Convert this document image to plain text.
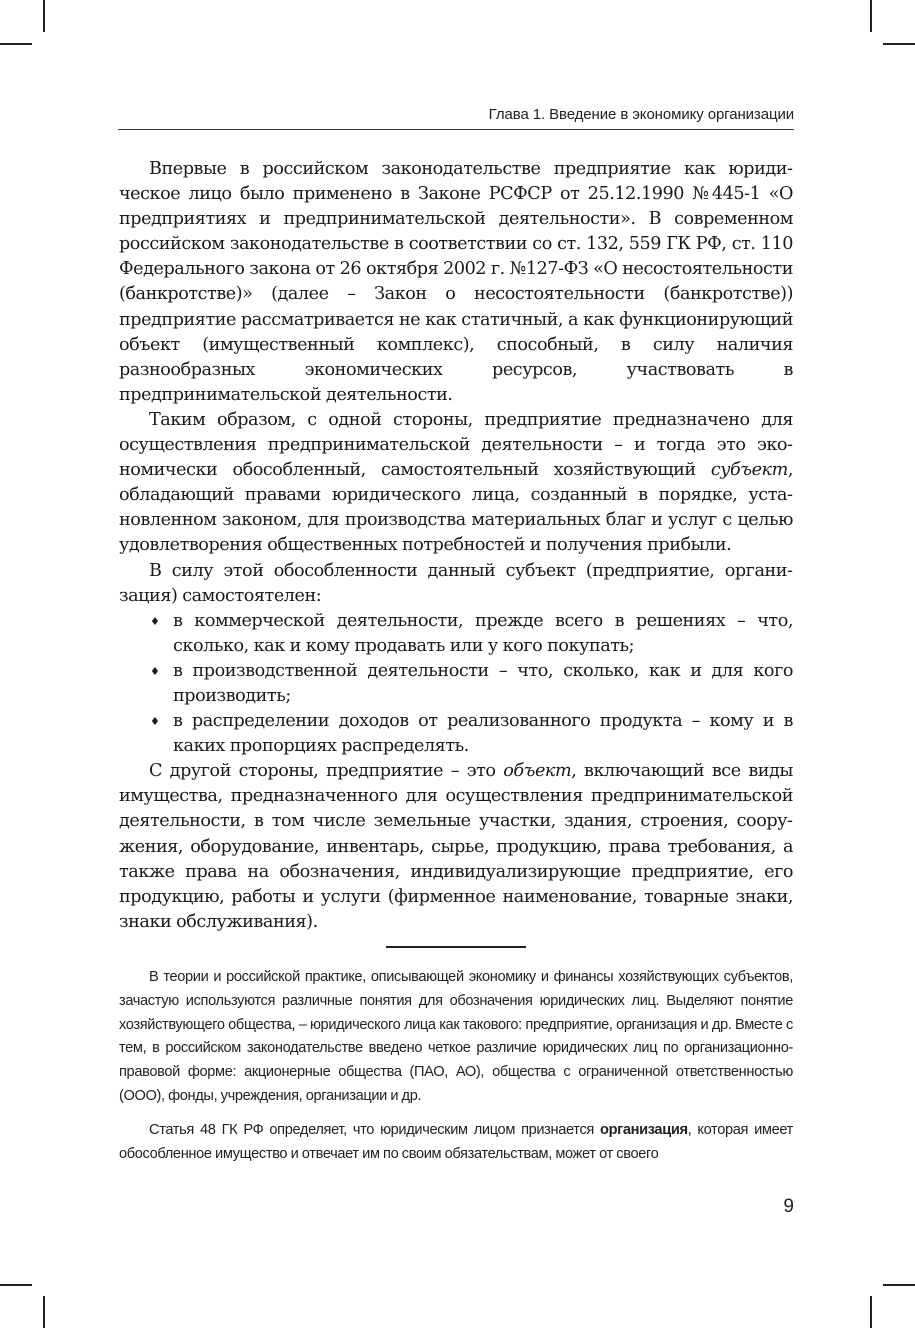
Глава 1. Введение в экономику организации

Впервые в российском законодательстве предприятие как юридическое лицо было применено в Законе РСФСР от 25.12.1990 №445-1 «О предприятиях и предпринимательской деятельности». В современном российском законодательстве в соответствии со ст. 132, 559 ГК РФ, ст. 110 Федерального закона от 26 октября 2002 г. №127-ФЗ «О несостоятельности (банкротстве)» (далее – Закон о несостоятельности (банкротстве)) предприятие рассматривается не как статичный, а как функционирующий объект (имущественный комплекс), способный, в силу наличия разнообразных экономических ресурсов, участвовать в предпринимательской деятельности.

Таким образом, с одной стороны, предприятие предназначено для осуществления предпринимательской деятельности – и тогда это экономически обособленный, самостоятельный хозяйствующий субъект, обладающий правами юридического лица, созданный в порядке, установленном законом, для производства материальных благ и услуг с целью удовлетворения общественных потребностей и получения прибыли.

В силу этой обособленности данный субъект (предприятие, организация) самостоятелен:

♦ в коммерческой деятельности, прежде всего в решениях – что, сколько, как и кому продавать или у кого покупать;
♦ в производственной деятельности – что, сколько, как и для кого производить;
♦ в распределении доходов от реализованного продукта – кому и в каких пропорциях распределять.

С другой стороны, предприятие – это объект, включающий все виды имущества, предназначенного для осуществления предпринимательской деятельности, в том числе земельные участки, здания, строения, сооружения, оборудование, инвентарь, сырье, продукцию, права требования, а также права на обозначения, индивидуализирующие предприятие, его продукцию, работы и услуги (фирменное наименование, товарные знаки, знаки обслуживания).

В теории и российской практике, описывающей экономику и финансы хозяйствующих субъектов, зачастую используются различные понятия для обозначения юридических лиц. Выделяют понятие хозяйствующего общества, – юридического лица как такового: предприятие, организация и др. Вместе с тем, в российском законодательстве введено четкое различие юридических лиц по организационно-правовой форме: акционерные общества (ПАО, АО), общества с ограниченной ответственностью (ООО), фонды, учреждения, организации и др.

Статья 48 ГК РФ определяет, что юридическим лицом признается организация, которая имеет обособленное имущество и отвечает им по своим обязательствам, может от своего

9
